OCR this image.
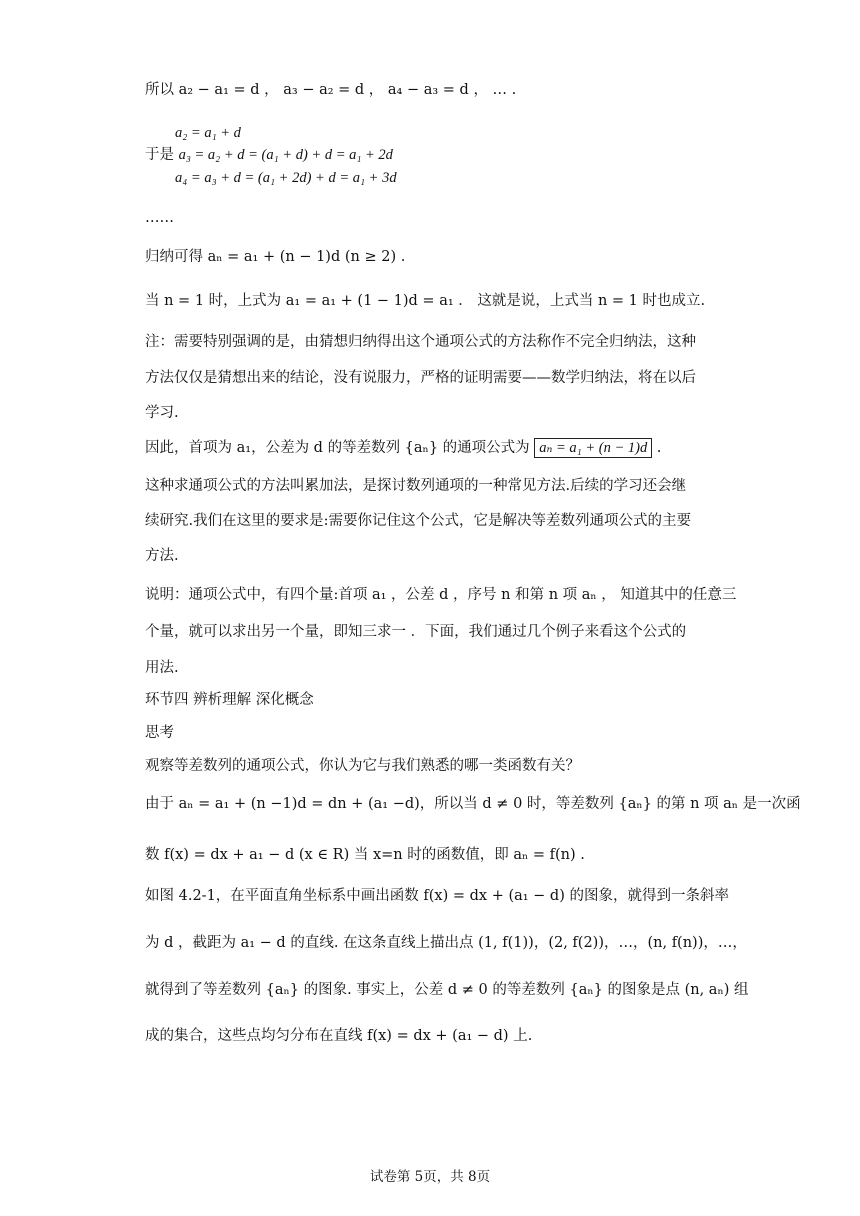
所以 a₂ − a₁ = d ， a₃ − a₂ = d ， a₄ − a₃ = d ， … .
a₂ = a₁ + d
于是 a₃ = a₂ + d = (a₁ + d) + d = a₁ + 2d
a₄ = a₃ + d = (a₁ + 2d) + d = a₁ + 3d
……
归纳可得 aₙ = a₁ + (n − 1)d (n ≥ 2) .
当 n = 1 时，上式为 a₁ = a₁ + (1 − 1)d = a₁ ． 这就是说，上式当 n = 1 时也成立.
注：需要特别强调的是，由猜想归纳得出这个通项公式的方法称作不完全归纳法，这种
方法仅仅是猜想出来的结论，没有说服力，严格的证明需要——数学归纳法，将在以后
学习.
因此，首项为 a₁，公差为 d 的等差数列 {aₙ} 的通项公式为 aₙ = a₁ + (n − 1)d .
这种求通项公式的方法叫累加法，是探讨数列通项的一种常见方法.后续的学习还会继
续研究.我们在这里的要求是:需要你记住这个公式，它是解决等差数列通项公式的主要
方法.
说明：通项公式中，有四个量:首项 a₁ ，公差 d ，序号 n 和第 n 项 aₙ ， 知道其中的任意三
个量，就可以求出另一个量，即知三求一 ．下面，我们通过几个例子来看这个公式的
用法.
环节四 辨析理解 深化概念
思考
观察等差数列的通项公式，你认为它与我们熟悉的哪一类函数有关？
由于 aₙ = a₁ + (n −1)d = dn + (a₁ −d)，所以当 d ≠ 0 时，等差数列 {aₙ} 的第 n 项 aₙ 是一次函
数 f(x) = dx + a₁ − d (x ∈ R) 当 x=n 时的函数值，即 aₙ = f(n) .
如图 4.2-1，在平面直角坐标系中画出函数 f(x) = dx + (a₁ − d) 的图象，就得到一条斜率
为 d ，截距为 a₁ − d 的直线. 在这条直线上描出点 (1, f(1))，(2, f(2))，…，(n, f(n))，…，
就得到了等差数列 {aₙ} 的图象. 事实上，公差 d ≠ 0 的等差数列 {aₙ} 的图象是点 (n, aₙ) 组
成的集合，这些点均匀分布在直线 f(x) = dx + (a₁ − d) 上.
试卷第 5页，共 8页
